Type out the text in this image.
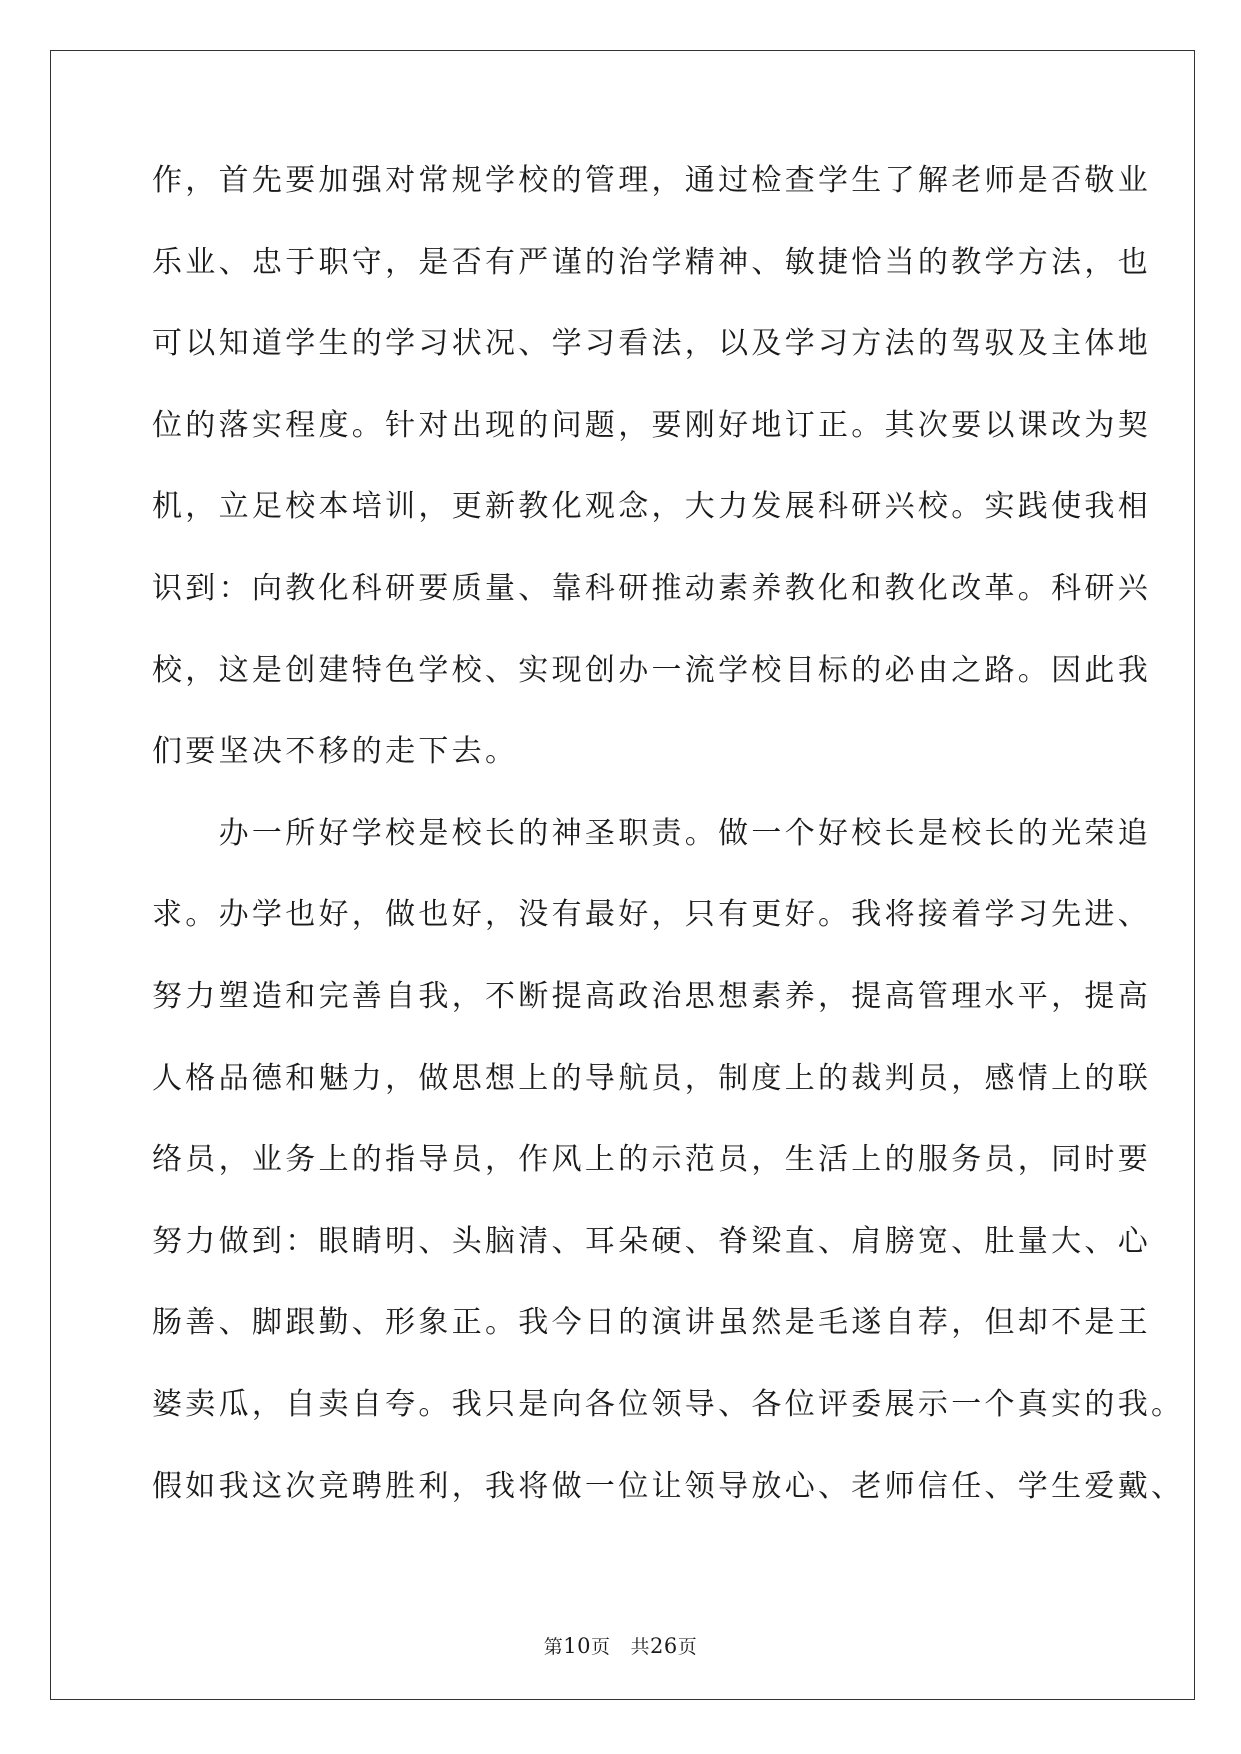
作，首先要加强对常规学校的管理，通过检查学生了解老师是否敬业
乐业、忠于职守，是否有严谨的治学精神、敏捷恰当的教学方法，也
可以知道学生的学习状况、学习看法，以及学习方法的驾驭及主体地
位的落实程度。针对出现的问题，要刚好地订正。其次要以课改为契
机，立足校本培训，更新教化观念，大力发展科研兴校。实践使我相
识到：向教化科研要质量、靠科研推动素养教化和教化改革。科研兴
校，这是创建特色学校、实现创办一流学校目标的必由之路。因此我
们要坚决不移的走下去。
　　办一所好学校是校长的神圣职责。做一个好校长是校长的光荣追
求。办学也好，做也好，没有最好，只有更好。我将接着学习先进、
努力塑造和完善自我，不断提高政治思想素养，提高管理水平，提高
人格品德和魅力，做思想上的导航员，制度上的裁判员，感情上的联
络员，业务上的指导员，作风上的示范员，生活上的服务员，同时要
努力做到：眼睛明、头脑清、耳朵硬、脊梁直、肩膀宽、肚量大、心
肠善、脚跟勤、形象正。我今日的演讲虽然是毛遂自荐，但却不是王
婆卖瓜，自卖自夸。我只是向各位领导、各位评委展示一个真实的我。
假如我这次竞聘胜利，我将做一位让领导放心、老师信任、学生爱戴、
第10页 共26页
